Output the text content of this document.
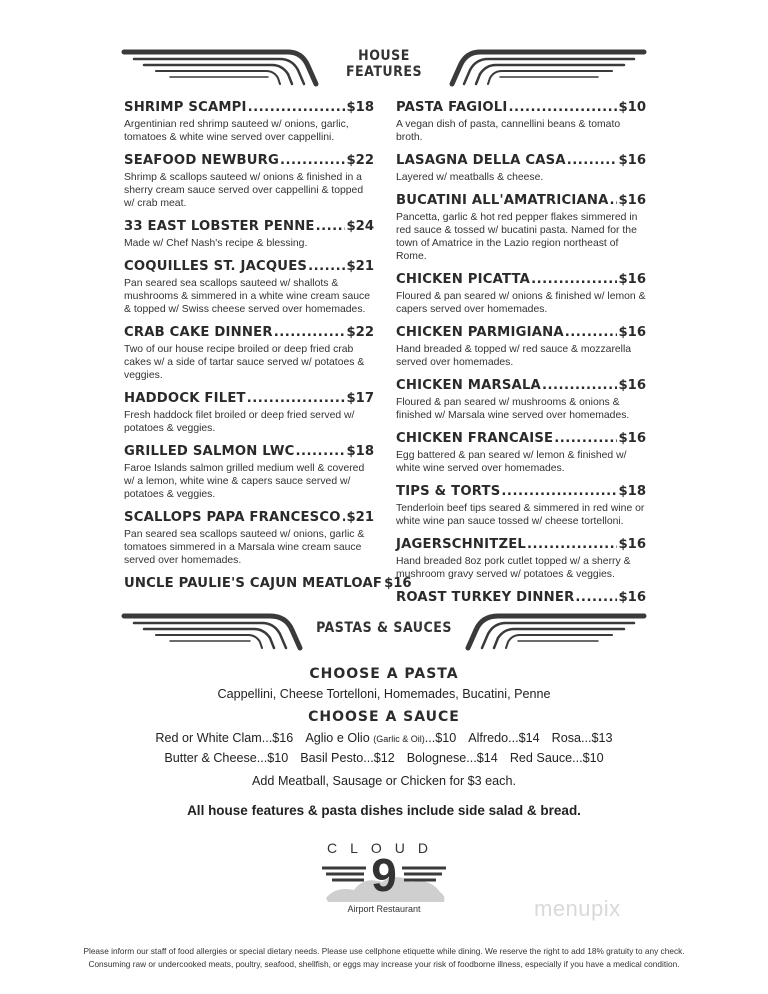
HOUSE
FEATURES
SHRIMP SCAMPI .....	$18
Argentinian red shrimp sauteed w/ onions, garlic, tomatoes & white wine served over cappellini.
SEAFOOD NEWBURG .....	$22
Shrimp & scallops sauteed w/ onions & finished in a sherry cream sauce served over cappellini & topped w/ crab meat.
33 EAST LOBSTER PENNE ..... $24
Made w/ Chef Nash's recipe & blessing.
COQUILLES ST. JACQUES .....	$21
Pan seared sea scallops sauteed w/ shallots & mushrooms & simmered in a white wine cream sauce & topped w/ Swiss cheese served over homemades.
CRAB CAKE DINNER .....	$22
Two of our house recipe broiled or deep fried crab cakes w/ a side of tartar sauce served w/ potatoes & veggies.
HADDOCK FILET .....	$17
Fresh haddock filet broiled or deep fried served w/ potatoes & veggies.
GRILLED SALMON LWC .....	$18
Faroe Islands salmon grilled medium well & covered w/ a lemon, white wine & capers sauce served w/ potatoes & veggies.
SCALLOPS PAPA FRANCESCO ..... $21
Pan seared sea scallops sauteed w/ onions, garlic & tomatoes simmered in a Marsala wine cream sauce served over homemades.
UNCLE PAULIE'S CAJUN MEATLOAF $16
PASTA FAGIOLI .....	$10
A vegan dish of pasta, cannellini beans & tomato broth.
LASAGNA DELLA CASA .....	$16
Layered w/ meatballs & cheese.
BUCATINI ALL'AMATRICIANA ..... $16
Pancetta, garlic & hot red pepper flakes simmered in red sauce & tossed w/ bucatini pasta. Named for the town of Amatrice in the Lazio region northeast of Rome.
CHICKEN PICATTA .....	$16
Floured & pan seared w/ onions & finished w/ lemon & capers served over homemades.
CHICKEN PARMIGIANA .....	$16
Hand breaded & topped w/ red sauce & mozzarella served over homemades.
CHICKEN MARSALA .....	$16
Floured & pan seared w/ mushrooms & onions & finished w/ Marsala wine served over homemades.
CHICKEN FRANCAISE .....	$16
Egg battered & pan seared w/ lemon & finished w/ white wine served over homemades.
TIPS & TORTS .....	$18
Tenderloin beef tips seared & simmered in red wine or white wine pan sauce tossed w/ cheese tortelloni.
JAGERSCHNITZEL .....	$16
Hand breaded 8oz pork cutlet topped w/ a sherry & mushroom gravy served w/ potatoes & veggies.
ROAST TURKEY DINNER .....	$16
PASTAS & SAUCES
CHOOSE A PASTA
Cappellini, Cheese Tortelloni, Homemades, Bucatini, Penne
CHOOSE A SAUCE
Red or White Clam...$16 Aglio e Olio (Garlic & Oil)...$10 Alfredo...$14 Rosa...$13
Butter & Cheese...$10 Basil Pesto...$12 Bolognese...$14 Red Sauce...$10
Add Meatball, Sausage or Chicken for $3 each.
All house features & pasta dishes include side salad & bread.
CLOUD
9
Airport Restaurant	menupix
Please inform our staff of food allergies or special dietary needs. Please use cellphone etiquette while dining. We reserve the right to add 18% gratuity to any check.
Consuming raw or undercooked meats, poultry, seafood, shellfish, or eggs may increase your risk of foodborne illness, especially if you have a medical condition.
